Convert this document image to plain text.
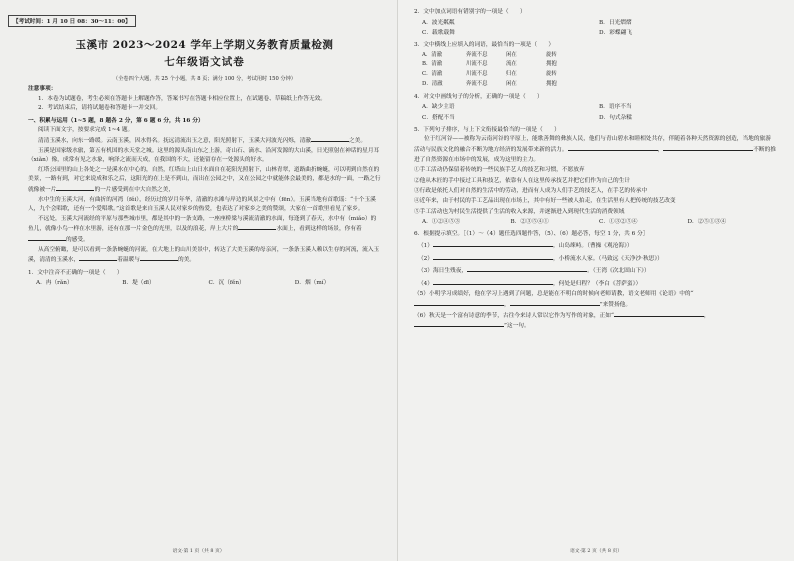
【考试时间：1 月 10 日 08：30～11：00】
玉溪市 2023～2024 学年上学期义务教育质量检测
七年级语文试卷
（全卷四个大题，共 25 个小题，共 8 页；满分 100 分，考试用时 150 分钟）

注意事项：

1．本卷为试题卷，考生必须在答题卡上解题作答，答案书写在答题卡相应位置上，在试题卷、草稿纸上作答无效。

2．考试结束后，请将试题卷和答题卡一并交回。

一、积累与运用（1~5 题，8 题各 2 分，第 6 题 6 分，共 16 分）

阅读下面文字，按要求完成 1~4 题。

清清玉溪水，向东一路缓。云南玉溪，因水得名。抚远清流出玉之意，阳光照射下，玉溪大河波光闪烁，清澈	之美。

玉溪是国家级水旅，第五有机国的水天堂之城。这里的源头南山东之上游，奇山石、滴水、沿河发源的大山溪，日光照射在神话的星月耳（xiǎn）像，成常有见之水象，响泽之流而天成，在我国的不大，还能留存在一处源头的好水。

红塔公园里的山上各处之一是溪水在中心的，自然，红塔山上山日水面自在花阳光照射下，山林青翠，道路曲折蜿蜒，可以明到自然在的美景，一路有到，对它来说成和乐之后，这阳光的在上是不到山，而出在公园之中，又在公园之中就能体会最美的，都是水的一面，一路之行就像被一片	的一片感受到在中大自然之美，

水中生的玉溪大河，有曲折的河湾（fěi），经历过的岁月年华，清澈的水滩与岸边的风景之中有（fēn）。玉溪当地有首歌谣：“十个玉溪人，九个会唱歌，还有一个爱唱歌。”这首歌是来自玉溪人民对家乡的热爱，也表达了对家乡之美的赞颂，大家在一首歌里看见了家乡。

不远处，玉溪大河流经的平原与那些城市里，都是其中的一条支路，一座座桥梁与溪流清澈的水面，每逢到了春天，水中有（miǎo）的鱼儿，就像小鸟一样在水里游，还有在那一片金色的光里，以及的浪花，岸上大片的	水面上，看到这样的场景，你有着的感受。

从高空俯瞰，是可以看到一条条蜿蜒的河流，在大地上的山川美景中，转达了大美玉溪的母亲河，一条条玉溪人赖以生存的河流，流入玉溪，清清的玉溪水，	着温暖与	的美。

1．文中注音不正确的一项是（　　）

A．冉（rǎn）	B．堤（dī）	C．沉（fěn）	D．烟（mí）
语文·第 1 页（共 8 页）

2．文中加点词语有错别字的一项是（　　）

A．波光粼粼	B．日光熠熠
C．载歌载舞	D．彩蝶翩飞

3．文中横线上应填入的词语，最恰当的一项是（　　）

A．清澈	奔流不息	闲在	旋转
B．清澈	川流不息	流在	拥抱
C．清澈	川流不息	归在	旋转
D．清澈	奔流不息	闲在	拥抱

4．对文中画线句子的分析，正确的一项是（　　）

A．缺少主语	B．语序不当
C．搭配不当	D．句式杂糅

5．下列句子排序，与上下文衔接最恰当的一项是（　　）

位于红河谷——被称为云南河谷的平原上，能歌善舞的彝族人民，他们与青山碧水和睦相处共存，伴随着各种天然资源的创造，当地的旅游活动与民族文化的融合不断为地方经济的发展带来新的活力。	，	不断的推进了自然资源在市场中的发展，成为这里的主力。

①手工活动仍保留着传统的一些民族手艺人的技艺和习惯，不愿放弃

②他从木匠的手中接过工具和技艺，依靠有人在这里传承技艺并把它们作为自己的生计

③行政是依托人们对自然的生活中的劳动，进而有人成为人们手艺的技艺人，在手艺的传承中

④近年来，由于村民的手工艺品出现在市场上，其中有好一些被人拍走，在生活里有人把传统的技艺改变

⑤手工活动也为村民生活提供了生活的收入来源，并逐渐进入到现代生活的消费领域

A．①②④⑤③	B．②③⑤④①	C．①③②⑤④	D．②⑤①③④

6．根据提示填空。［（1）～（4）题任选四题作答，（5）、（6）题必答，每空 1 分，共 6 分］

（1）	，山岛竦峙。（曹操《观沧海》）
（2）	，小桥流水人家。（马致远《天净沙·秋思》）
（3）海日生残夜，	。（王湾《次北固山下》）
（4）	，何处是归程？（李白《菩萨蛮》）

（5）小明学习成绩好，他在学习上遇到了问题，总是能在不明白的时候向老师请教，语文老师用《论语》中的“，	”来赞扬他。

（6）秋天是一个富有诗意的季节，古往今来诗人常以它作为写作的对象，正如“	，”这一句。

语文·第 2 页（共 8 页）
